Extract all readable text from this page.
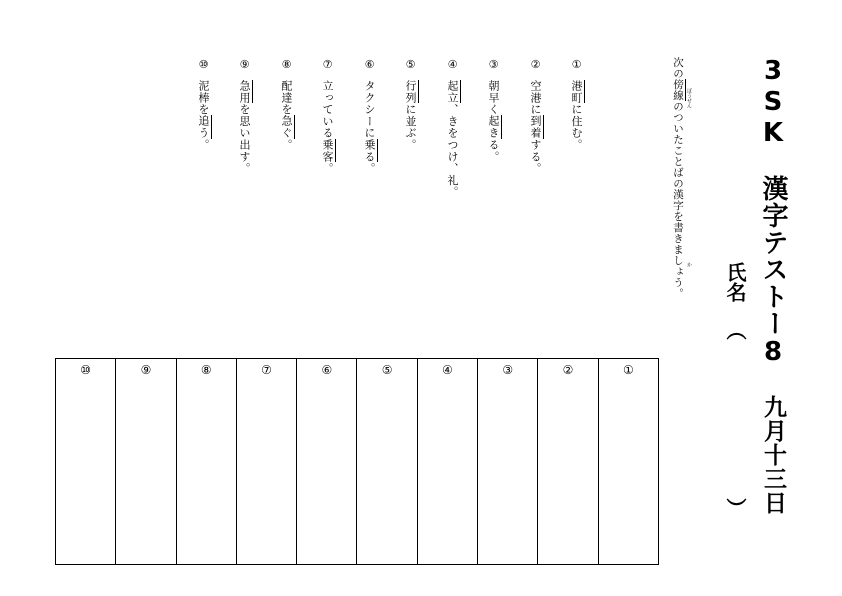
3SK漢字テストー8
九月十三日
氏名
（
）
次の傍線のついたことばの漢字を書きましょう。
ぼうせん
か
①港町に住む。
②空港に到着する。
③朝早く起きる。
④起立、きをつけ、礼。
⑤行列に並ぶ。
⑥タクシーに乗る。
⑦立っている乗客。
⑧配達を急ぐ。
⑨急用を思い出す。
⑩泥棒を追う。
⑩	⑨	⑧	⑦	⑥	⑤	④	③	②	①
